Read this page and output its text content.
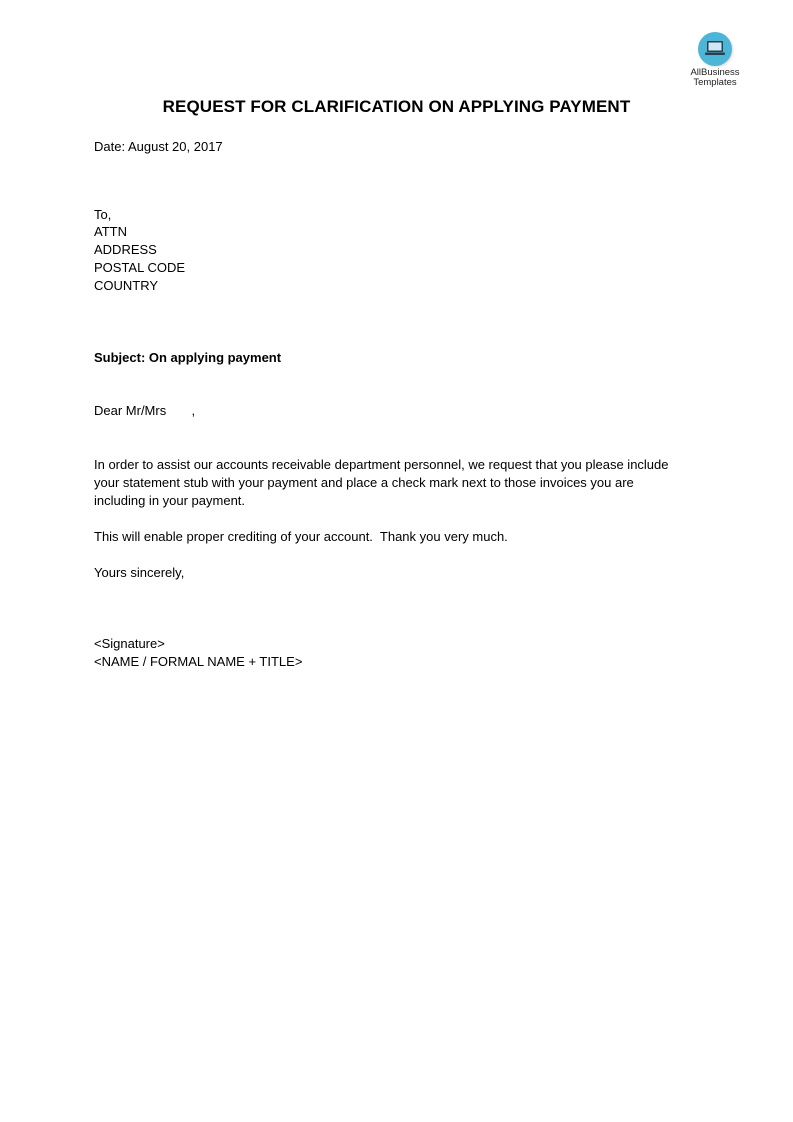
AllBusiness
Templates
REQUEST FOR CLARIFICATION ON APPLYING PAYMENT
Date: August 20, 2017
To,
ATTN
ADDRESS
POSTAL CODE
COUNTRY
Subject: On applying payment
Dear Mr/Mrs       ,
In order to assist our accounts receivable department personnel, we request that you please include
your statement stub with your payment and place a check mark next to those invoices you are
including in your payment.
This will enable proper crediting of your account.  Thank you very much.
Yours sincerely,
<Signature>
<NAME / FORMAL NAME + TITLE>
